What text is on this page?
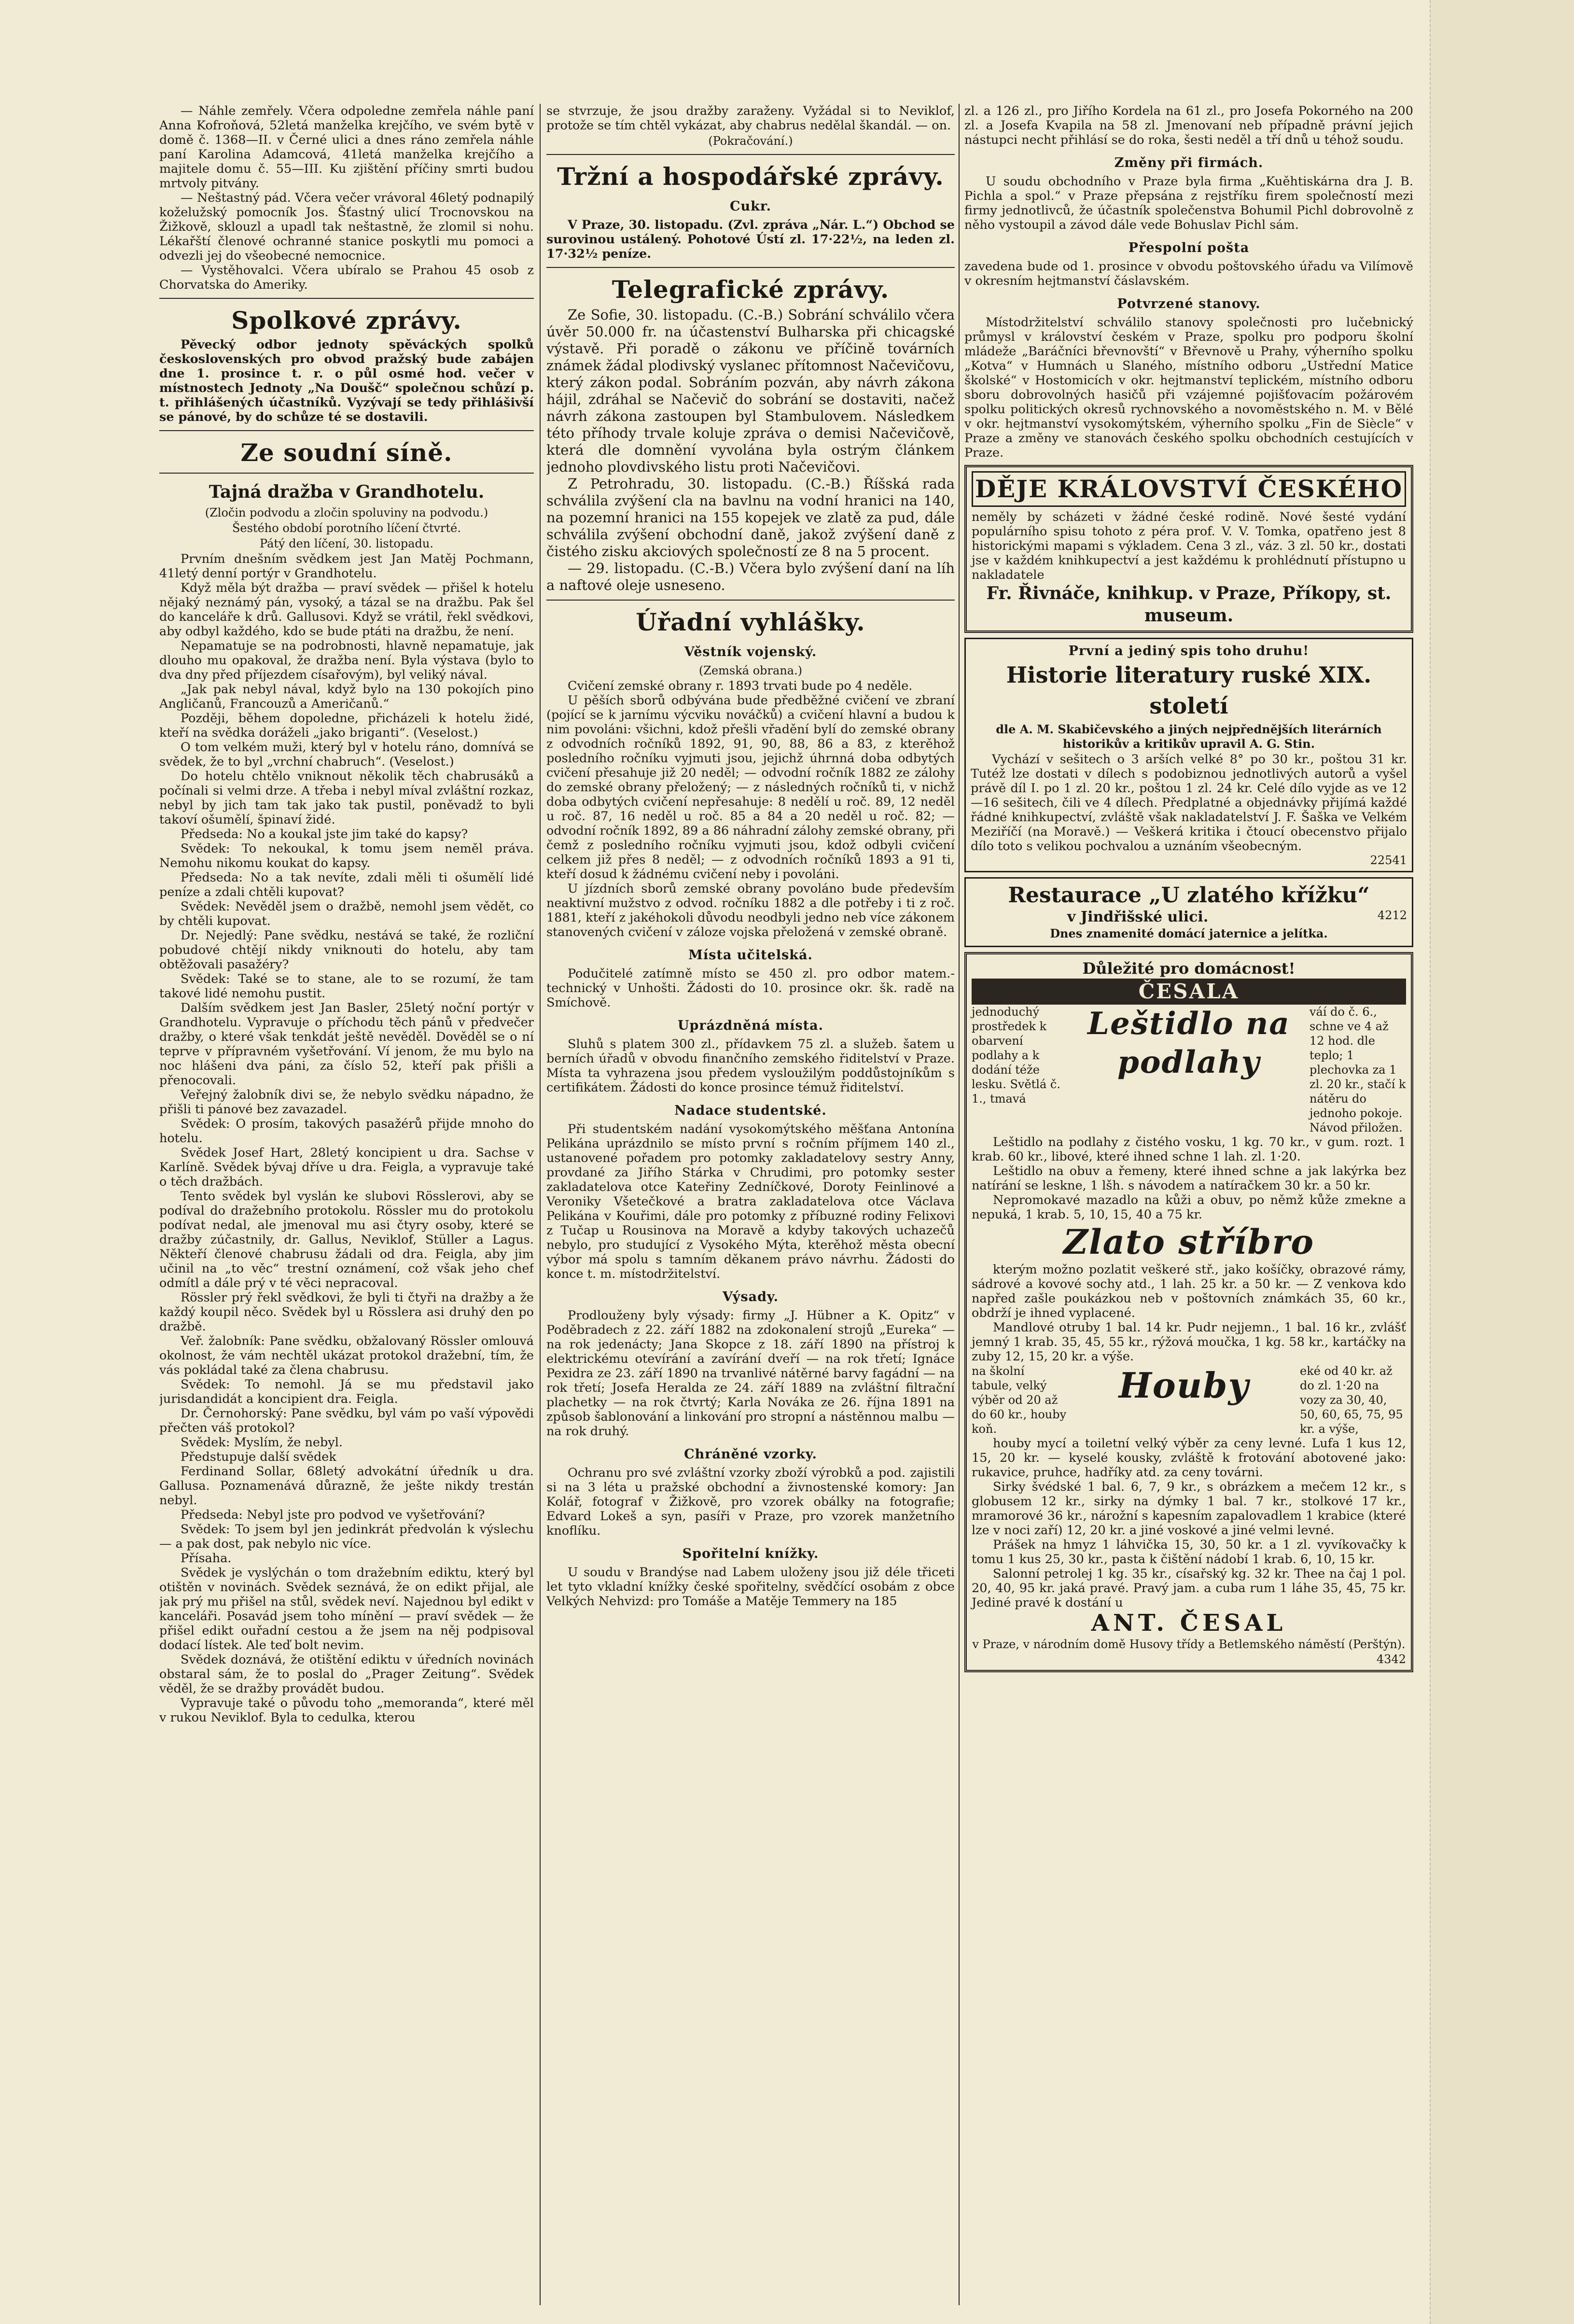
— Náhle zemřely. Včera odpoledne zemřela náhle paní Anna Kofroňová, 52letá manželka krejčího, ve svém bytě v domě č. 1368—II. v Černé ulici a dnes ráno zemřela náhle paní Karolina Adamcová, 41letá manželka krejčího a majitele domu č. 55—III. Ku zjištění příčiny smrti budou mrtvoly pitvány.

— Neštastný pád. Včera večer vrávoral 46letý podnapilý koželužský pomocník Jos. Šťastný ulicí Trocnovskou na Žižkově, sklouzl a upadl tak neštastně, že zlomil si nohu. Lékařští členové ochranné stanice poskytli mu pomoci a odvezli jej do všeobecné nemocnice.

— Vystěhovalci. Včera ubíralo se Prahou 45 osob z Chorvatska do Ameriky.

Spolkové zprávy.

Pěvecký odbor jednoty spěváckých spolků československých pro obvod pražský bude zabájen dne 1. prosince t. r. o půl osmé hod. večer v místnostech Jednoty „Na Doušč“ společnou schůzí p. t. přihlášených účastníků. Vyzývají se tedy přihlášivší se pánové, by do schůze té se dostavili.

Ze soudní síně.
Tajná dražba v Grandhotelu.
(Zločin podvodu a zločin spoluviny na podvodu.)
Šestého období porotního líčení čtvrté.
Pátý den líčení, 30. listopadu.

Prvním dnešním svědkem jest Jan Matěj Pochmann, 41letý denní portýr v Grandhotelu.

Když měla být dražba — praví svědek — přišel k hotelu nějaký neznámý pán, vysoký, a tázal se na dražbu. Pak šel do kanceláře k drů. Gallusovi. Když se vrátil, řekl svědkovi, aby odbyl každého, kdo se bude ptáti na dražbu, že není.

Nepamatuje se na podrobnosti, hlavně nepamatuje, jak dlouho mu opakoval, že dražba není. Byla výstava (bylo to dva dny před příjezdem císařovým), byl veliký nával.

„Jak pak nebyl nával, když bylo na 130 pokojích pino Angličanů, Francouzů a Američanů.“

Později, během dopoledne, přicházeli k hotelu židé, kteří na svědka doráželi „jako briganti“. (Veselost.)

O tom velkém muži, který byl v hotelu ráno, domnívá se svědek, že to byl „vrchní chabruch“. (Veselost.)

Do hotelu chtělo vniknout několik těch chabrusáků a počínali si velmi drze. A třeba i nebyl míval zvláštní rozkaz, nebyl by jich tam tak jako tak pustil, poněvadž to byli takoví ošumělí, špinaví židé.

Předseda: No a koukal jste jim také do kapsy?

Svědek: To nekoukal, k tomu jsem neměl práva. Nemohu nikomu koukat do kapsy.

Předseda: No a tak nevíte, zdali měli ti ošumělí lidé peníze a zdali chtěli kupovat?

Svědek: Nevěděl jsem o dražbě, nemohl jsem vědět, co by chtěli kupovat.

Dr. Nejedlý: Pane svědku, nestává se také, že rozliční pobudové chtějí nikdy vniknouti do hotelu, aby tam obtěžovali pasažéry?

Svědek: Také se to stane, ale to se rozumí, že tam takové lidé nemohu pustit.

Dalším svědkem jest Jan Basler, 25letý noční portýr v Grandhotelu. Vypravuje o příchodu těch pánů v předvečer dražby, o které však tenkdát ještě nevěděl. Dověděl se o ní teprve v přípravném vyšetřování. Ví jenom, že mu bylo na noc hlášeni dva páni, za číslo 52, kteří pak přišli a přenocovali.

Veřejný žalobník divi se, že nebylo svědku nápadno, že přišli ti pánové bez zavazadel.

Svědek: O prosím, takových pasažérů přijde mnoho do hotelu.

Svědek Josef Hart, 28letý koncipient u dra. Sachse v Karlíně. Svědek bývaj dříve u dra. Feigla, a vypravuje také o těch dražbách.

Tento svědek byl vyslán ke slubovi Rösslerovi, aby se podíval do dražebního protokolu. Rössler mu do protokolu podívat nedal, ale jmenoval mu asi čtyry osoby, které se dražby zúčastnily, dr. Gallus, Neviklof, Stüller a Lagus. Někteří členové chabrusu žádali od dra. Feigla, aby jim učinil na „to věc“ trestní oznámení, což však jeho chef odmítl a dále prý v té věci nepracoval.

Rössler prý řekl svědkovi, že byli ti čtyři na dražby a že každý koupil něco. Svědek byl u Rösslera asi druhý den po dražbě.

Veř. žalobník: Pane svědku, obžalovaný Rössler omlouvá okolnost, že vám nechtěl ukázat protokol dražební, tím, že vás pokládal také za člena chabrusu.

Svědek: To nemohl. Já se mu představil jako jurisdandidát a koncipient dra. Feigla.

Dr. Černohorský: Pane svědku, byl vám po vaší výpovědi přečten váš protokol?

Svědek: Myslím, že nebyl.

Předstupuje další svědek

Ferdinand Sollar, 68letý advokátní úředník u dra. Gallusa. Poznamenává důrazně, že ješte nikdy trestán nebyl.

Předseda: Nebyl jste pro podvod ve vyšetřování?

Svědek: To jsem byl jen jedinkrát předvolán k výslechu — a pak dost, pak nebylo nic více.

Přísaha.

Svědek je vyslýchán o tom dražebním ediktu, který byl otištěn v novinách. Svědek seznává, že on edikt přijal, ale jak prý mu přišel na stůl, svědek neví. Najednou byl edikt v kanceláři. Posavád jsem toho mínění — praví svědek — že přišel edikt ouřadní cestou a že jsem na něj podpisoval dodací lístek. Ale teď bolt nevim.

Svědek doznává, že otištění ediktu v úředních novinách obstaral sám, že to poslal do „Prager Zeitung“. Svědek věděl, že se dražby provádět budou.

Vypravuje také o původu toho „memoranda“, které měl v rukou Neviklof. Byla to cedulka, kterou

se stvrzuje, že jsou dražby zaraženy. Vyžádal si to Neviklof, protože se tím chtěl vykázat, aby chabrus nedělal škandál. — on.

(Pokračování.)
Tržní a hospodářské zprávy.
Cukr.

V Praze, 30. listopadu. (Zvl. zpráva „Nár. L.“) Obchod se surovinou ustálený. Pohotové Ústí zl. 17·22½, na leden zl. 17·32½ peníze.

Telegrafické zprávy.

Ze Sofie, 30. listopadu. (C.-B.) Sobrání schválilo včera úvěr 50.000 fr. na účastenství Bulharska při chicagské výstavě. Při poradě o zákonu ve příčině továrních známek žádal plodivský vyslanec přítomnost Načevičovu, který zákon podal. Sobráním pozván, aby návrh zákona hájil, zdráhal se Načevič do sobrání se dostaviti, načež návrh zákona zastoupen byl Stambulovem. Následkem této příhody trvale koluje zpráva o demisi Načevičově, která dle domnění vyvolána byla ostrým článkem jednoho plovdivského listu proti Načevičovi.

Z Petrohradu, 30. listopadu. (C.-B.) Říšská rada schválila zvýšení cla na bavlnu na vodní hranici na 140, na pozemní hranici na 155 kopejek ve zlatě za pud, dále schválila zvýšení obchodní daně, jakož zvýšení daně z čistého zisku akciových společností ze 8 na 5 procent.

— 29. listopadu. (C.-B.) Včera bylo zvýšení daní na líh a naftové oleje usneseno.

Úřadní vyhlášky.
Věstník vojenský.
(Zemská obrana.)

Cvičení zemské obrany r. 1893 trvati bude po 4 neděle.

U pěších sborů odbývána bude předběžné cvičení ve zbraní (pojící se k jarnímu výcviku nováčků) a cvičení hlavní a budou k nim povoláni: všichni, kdož přešli vřadění bylí do zemské obrany z odvodních ročníků 1892, 91, 90, 88, 86 a 83, z kterěhož posledního ročníku vyjmuti jsou, jejichž úhrnná doba odbytých cvičení přesahuje již 20 neděl; — odvodní ročník 1882 ze zálohy do zemské obrany přeložený; — z následných ročníků ti, v nichž doba odbytých cvičení nepřesahuje: 8 nedělí u roč. 89, 12 neděl u roč. 87, 16 neděl u roč. 85 a 84 a 20 neděl u roč. 82; — odvodní ročník 1892, 89 a 86 náhradní zálohy zemské obrany, při čemž z posledního ročníku vyjmuti jsou, kdož odbyli cvičení celkem již přes 8 neděl; — z odvodních ročníků 1893 a 91 ti, kteří dosud k žádnému cvičení neby i povoláni.

U jízdních sborů zemské obrany povoláno bude především neaktivní mužstvo z odvod. ročníku 1882 a dle potřeby i ti z roč. 1881, kteří z jakéhokoli důvodu neodbyli jedno neb více zákonem stanovených cvičení v záloze vojska přeložená v zemské obraně.

Místa učitelská.

Podučitelé zatímně místo se 450 zl. pro odbor matem.-technický v Unhošti. Žádosti do 10. prosince okr. šk. radě na Smíchově.

Uprázdněná místa.

Sluhů s platem 300 zl., přídavkem 75 zl. a služeb. šatem u berních úřadů v obvodu finančního zemského řiditelství v Praze. Místa ta vyhrazena jsou předem vysloužilým poddůstojníkům s certifikátem. Žádosti do konce prosince témuž řiditelství.

Nadace studentské.

Při studentském nadání vysokomýtského měšťana Antonína Pelikána uprázdnilo se místo první s ročním příjmem 140 zl., ustanovené pořadem pro potomky zakladatelovy sestry Anny, provdané za Jiřího Stárka v Chrudimi, pro potomky sester zakladatelova otce Kateřiny Zedníčkové, Doroty Feinlinové a Veroniky Všetečkové a bratra zakladatelova otce Václava Pelikána v Kouřimi, dále pro potomky z příbuzné rodiny Felixovi z Tučap u Rousinova na Moravě a kdyby takových uchazečů nebylo, pro studující z Vysokého Mýta, kterěhož města obecní výbor má spolu s tamním děkanem právo návrhu. Žádosti do konce t. m. místodržitelství.

Výsady.

Prodlouženy byly výsady: firmy „J. Hübner a K. Opitz“ v Poděbradech z 22. září 1882 na zdokonalení strojů „Eureka“ — na rok jedenácty; Jana Skopce z 18. září 1890 na přístroj k elektrickému otevírání a zavírání dveří — na rok třetí; Ignáce Pexidra ze 23. září 1890 na trvanlivé nátěrné barvy fagádní — na rok třetí; Josefa Heralda ze 24. září 1889 na zvláštní filtrační plachetky — na rok čtvrtý; Karla Nováka ze 26. října 1891 na způsob šablonování a linkování pro stropní a nástěnnou malbu — na rok druhý.

Chráněné vzorky.

Ochranu pro své zvláštní vzorky zboží výrobků a pod. zajistili si na 3 léta u pražské obchodní a živnostenské komory: Jan Kolář, fotograf v Žižkově, pro vzorek obálky na fotografie; Edvard Lokeš a syn, pasíři v Praze, pro vzorek manžetního knoflíku.

Spořitelní knížky.

U soudu v Brandýse nad Labem uloženy jsou již déle třiceti let tyto vkladní knížky české spořitelny, svědčící osobám z obce Velkých Nehvizd: pro Tomáše a Matěje Temmery na 185

zl. a 126 zl., pro Jiřího Kordela na 61 zl., pro Josefa Pokorného na 200 zl. a Josefa Kvapila na 58 zl. Jmenovaní neb případně právní jejich nástupci necht přihlásí se do roka, šesti neděl a tří dnů u téhož soudu.

Změny při firmách.

U soudu obchodního v Praze byla firma „Kuěhtiskárna dra J. B. Pichla a spol.“ v Praze přepsána z rejstříku firem společností mezi firmy jednotlivců, že účastník společenstva Bohumil Pichl dobrovolně z něho vystoupil a závod dále vede Bohuslav Pichl sám.

Přespolní pošta

zavedena bude od 1. prosince v obvodu poštovského úřadu va Vilímově v okresním hejtmanství čáslavském.

Potvrzené stanovy.

Místodržitelství schválilo stanovy společnosti pro lučebnický průmysl v království českém v Praze, spolku pro podporu školní mládeže „Baráčníci břevnovští“ v Břevnově u Prahy, výherního spolku „Kotva“ v Humnách u Slaného, místního odboru „Ustřední Matice školské“ v Hostomicích v okr. hejtmanství teplickém, místního odboru sboru dobrovolných hasičů při vzájemné pojišťovacím požárovém spolku politických okresů rychnovského a novoměstského n. M. v Bělé v okr. hejtmanství vysokomýtském, výherního spolku „Fin de Siècle“ v Praze a změny ve stanovách českého spolku obchodních cestujících v Praze.

DĚJE KRÁLOVSTVÍ ČESKÉHO

neměly by scházeti v žádné české rodině. Nové šesté vydání populárního spisu tohoto z péra prof. V. V. Tomka, opatřeno jest 8 historickými mapami s výkladem. Cena 3 zl., váz. 3 zl. 50 kr., dostati jse v každém knihkupectví a jest každému k prohlédnutí přístupno u nakladatele

Fr. Řivnáče, knihkup. v Praze, Příkopy, st. museum.
První a jediný spis toho druhu!
Historie literatury ruské XIX. století
dle A. M. Skabičevského a jiných nejpřednějších literárních historikův a kritikův upravil A. G. Stin.

Vychází v sešitech o 3 arších velké 8° po 30 kr., poštou 31 kr. Tutéž lze dostati v dílech s podobiznou jednotlivých autorů a vyšel právě díl I. po 1 zl. 20 kr., poštou 1 zl. 24 kr. Celé dílo vyjde as ve 12—16 sešitech, čili ve 4 dílech. Předplatné a objednávky přijímá každé řádné knihkupectví, zvláště však nakladatelství J. F. Šaška ve Velkém Meziříčí (na Moravě.) — Veškerá kritika i čtoucí obecenstvo přijalo dílo toto s velikou pochvalou a uznáním všeobecným.

22541
Restaurace „U zlatého křížku“
v Jindřišské ulici.	4212
Dnes znamenité domácí jaternice a jelítka.
Důležité pro domácnost!
ČESALA

jednoduchý prostředek k obarvení podlahy a k dodání téže lesku. Světlá č. 1., tmavá

Leštidlo na podlahy

váí do č. 6., schne ve 4 až 12 hod. dle teplo; 1 plechovka za 1 zl. 20 kr., stačí k nátěru do jednoho pokoje. Návod přiložen.

Leštidlo na podlahy z čistého vosku, 1 kg. 70 kr., v gum. rozt. 1 krab. 60 kr., libové, které ihned schne 1 lah. zl. 1·20.

Leštidlo na obuv a řemeny, které ihned schne a jak lakýrka bez natírání se leskne, 1 lšh. s návodem a natíračkem 30 kr. a 50 kr.

Nepromokavé mazadlo na kůži a obuv, po němž kůže zmekne a nepuká, 1 krab. 5, 10, 15, 40 a 75 kr.

Zlato stříbro

kterým možno pozlatit veškeré stř., jako košíčky, obrazové rámy, sádrové a kovové sochy atd., 1 lah. 25 kr. a 50 kr. — Z venkova kdo napřed zašle poukázkou neb v poštovních známkách 35, 60 kr., obdrží je ihned vyplacené.

Mandlové otruby 1 bal. 14 kr. Pudr nejjemn., 1 bal. 16 kr., zvlášť jemný 1 krab. 35, 45, 55 kr., rýžová moučka, 1 kg. 58 kr., kartáčky na zuby 12, 15, 20 kr. a výše.

na školní tabule, velký výběr od 20 až do 60 kr., houby koň.

Houby	eké od 40 kr. až do zl. 1·20 na vozy za 30, 40, 50, 60, 65, 75, 95 kr. a výše,

houby mycí a toiletní velký výběr za ceny levné. Lufa 1 kus 12, 15, 20 kr. — kyselé kousky, zvláště k frotování abotovené jako: rukavice, pruhce, hadříky atd. za ceny továrni.

Sirky švédské 1 bal. 6, 7, 9 kr., s obrázkem a mečem 12 kr., s globusem 12 kr., sirky na dýmky 1 bal. 7 kr., stolkové 17 kr., mramorové 36 kr., nárožní s kapesním zapalovadlem 1 krabice (které lze v noci zaří) 12, 20 kr. a jiné voskové a jiné velmi levné.

Prášek na hmyz 1 láhvička 15, 30, 50 kr. a 1 zl. vyvíkovačky k tomu 1 kus 25, 30 kr., pasta k čištění nádobí 1 krab. 6, 10, 15 kr.

Salonní petrolej 1 kg. 35 kr., císařský kg. 32 kr. Thee na čaj 1 pol. 20, 40, 95 kr. jaká pravé. Pravý jam. a cuba rum 1 láhe 35, 45, 75 kr. Jediné pravé k dostání u

ANT. ČESAL
v Praze, v národním domě Husovy třídy a Betlemského náměstí (Perštýn).
4342
